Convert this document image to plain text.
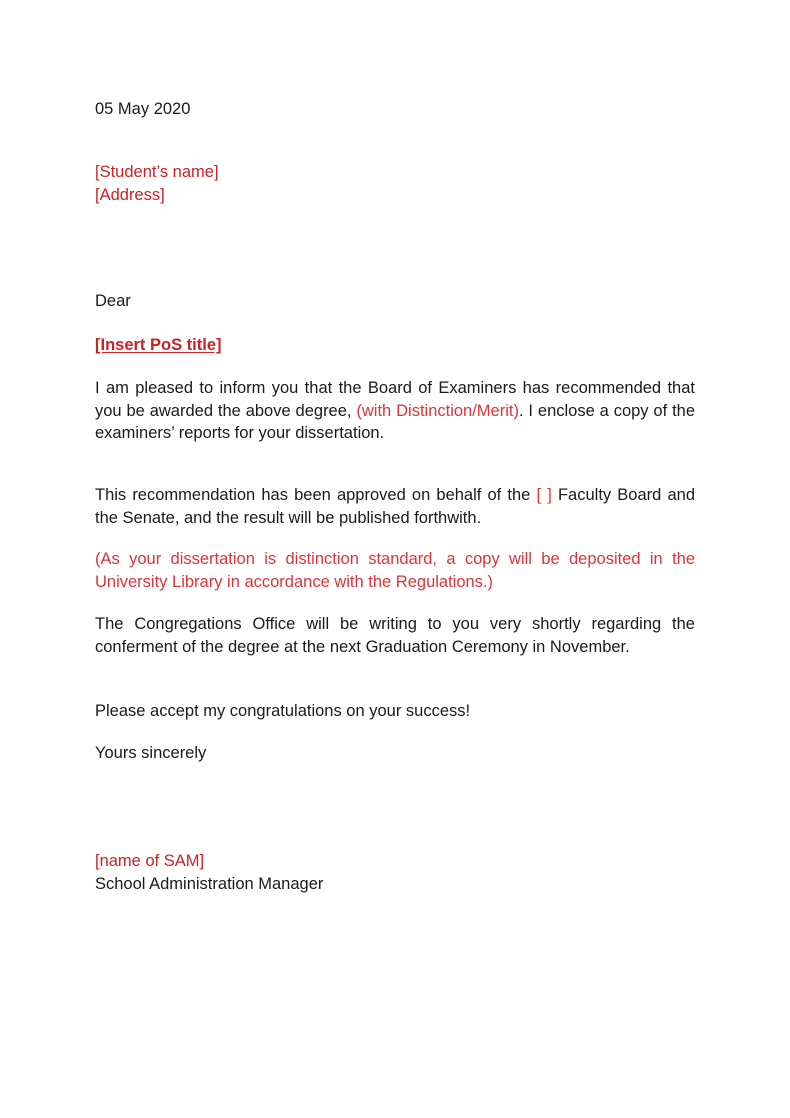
05 May 2020
[Student’s name]
[Address]
Dear
[Insert PoS title]
I am pleased to inform you that the Board of Examiners has recommended that you be awarded the above degree, (with Distinction/Merit). I enclose a copy of the examiners’ reports for your dissertation.
This recommendation has been approved on behalf of the [ ] Faculty Board and the Senate, and the result will be published forthwith.
(As your dissertation is distinction standard, a copy will be deposited in the University Library in accordance with the Regulations.)
The Congregations Office will be writing to you very shortly regarding the conferment of the degree at the next Graduation Ceremony in November.
Please accept my congratulations on your success!
Yours sincerely
[name of SAM]
School Administration Manager
